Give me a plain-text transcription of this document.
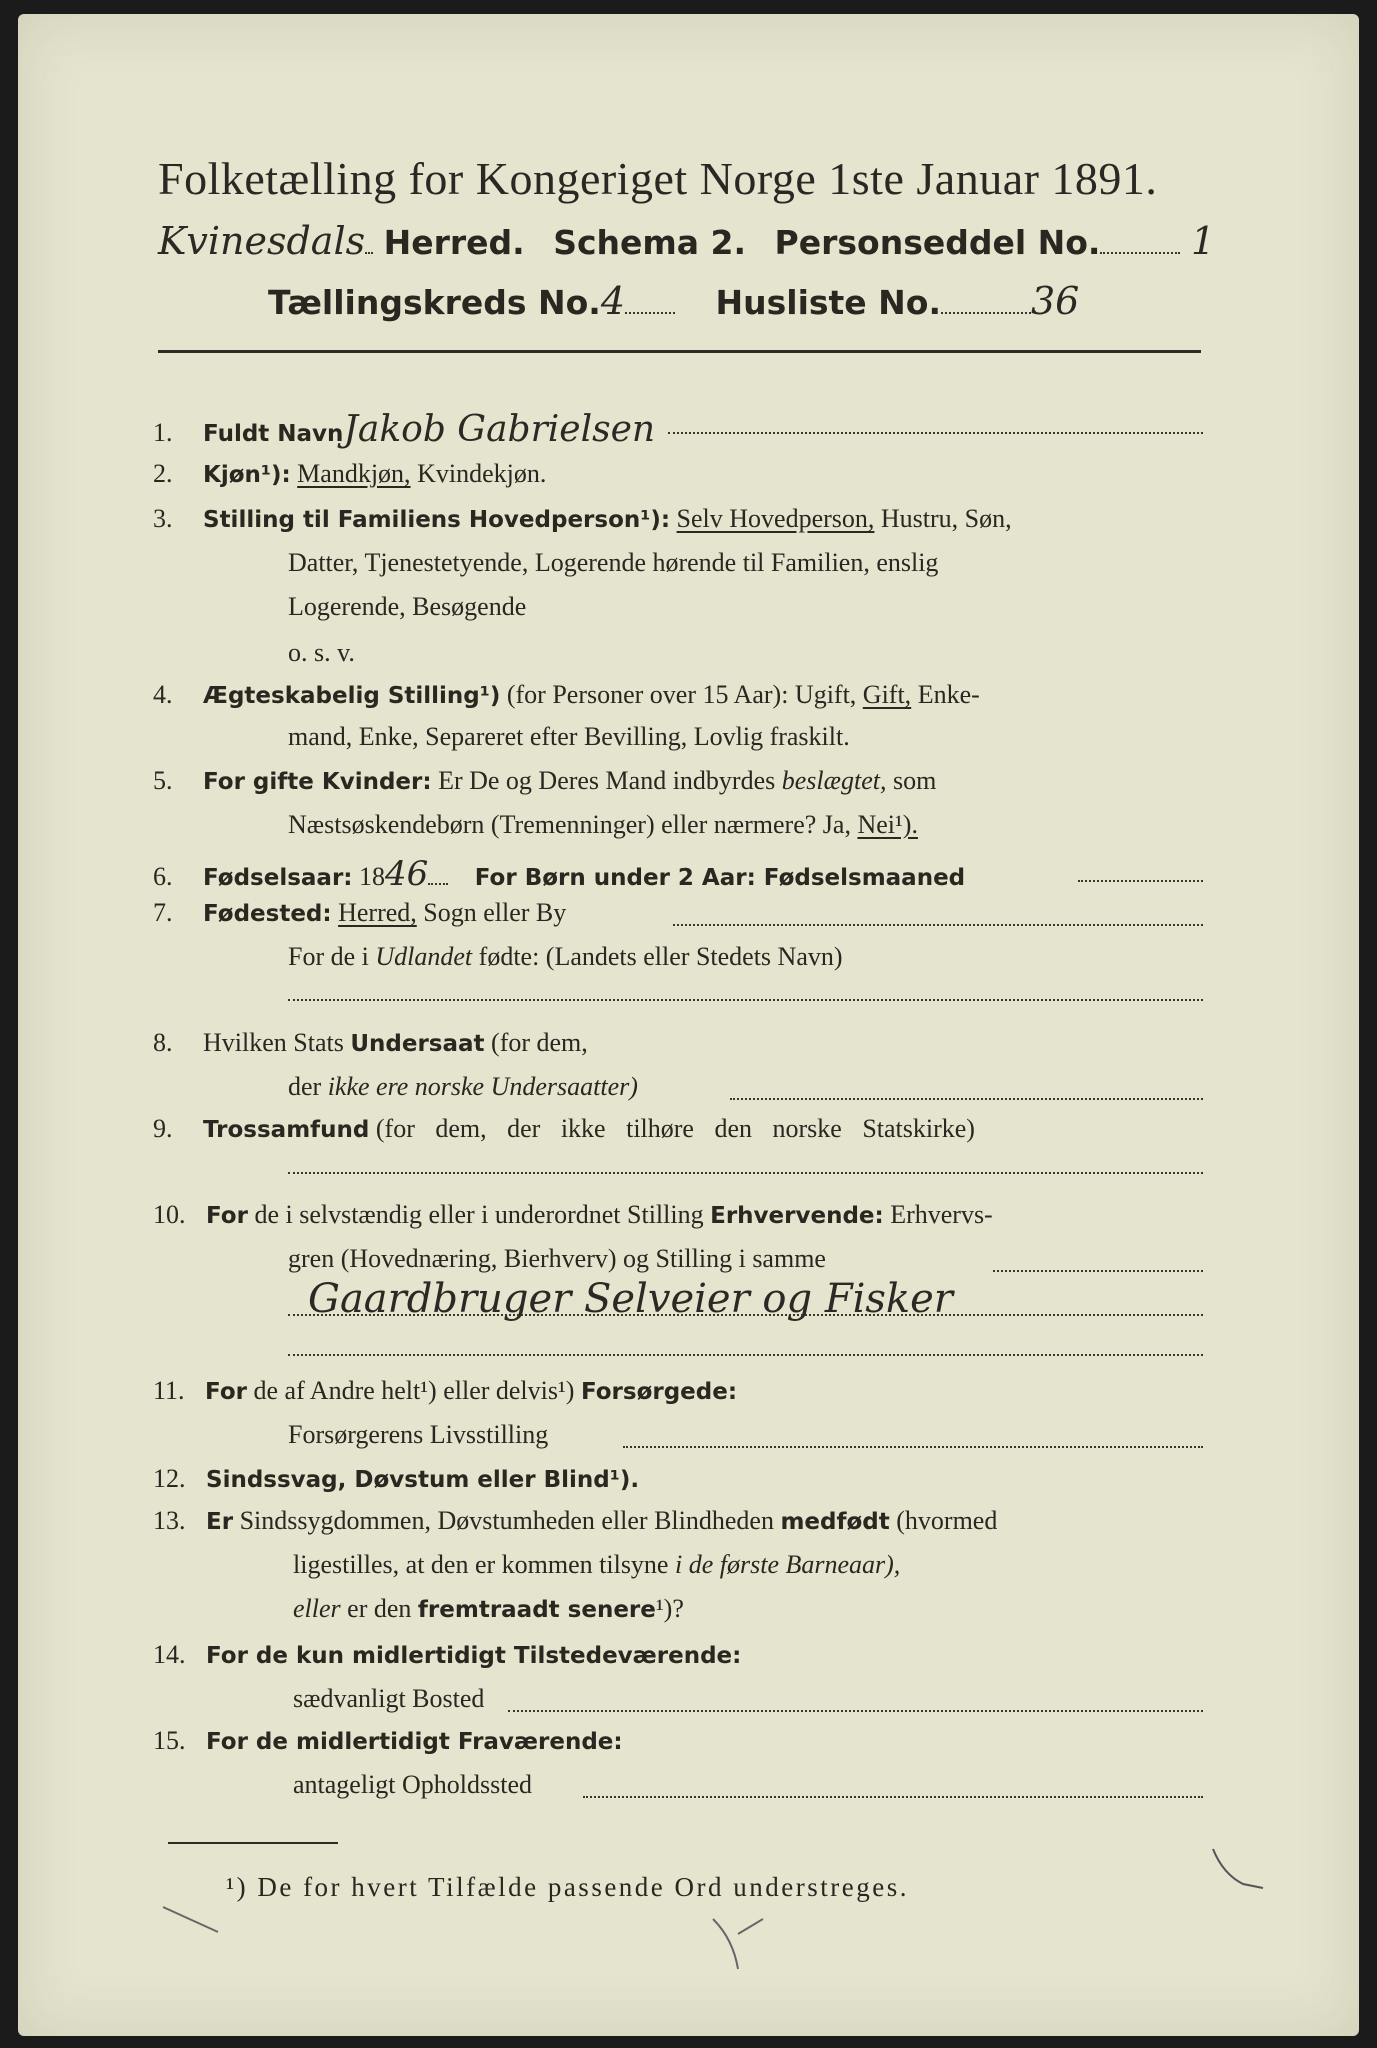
Folketælling for Kongeriget Norge 1ste Januar 1891.
Kvinesdals Herred. Schema 2. Personseddel No. 1
Tællingskreds No.4	Husliste No. 36
1. Fuldt NavnJakob Gabrielsen
2. Kjøn¹): Mandkjøn, Kvindekjøn.
3. Stilling til Familiens Hovedperson¹): Selv Hovedperson, Hustru, Søn,
Datter, Tjenestetyende, Logerende hørende til Familien, enslig
Logerende, Besøgende
o. s. v.
4. Ægteskabelig Stilling¹) (for Personer over 15 Aar): Ugift, Gift, Enke-
mand, Enke, Separeret efter Bevilling, Lovlig fraskilt.
5. For gifte Kvinder: Er De og Deres Mand indbyrdes beslægtet, som
Næstsøskendebørn (Tremenninger) eller nærmere? Ja, Nei¹).
6. Fødselsaar: 1846 For Børn under 2 Aar: Fødselsmaaned
7. Fødested: Herred, Sogn eller By
For de i Udlandet fødte: (Landets eller Stedets Navn)
8. Hvilken Stats Undersaat (for dem,
der ikke ere norske Undersaatter)
9. Trossamfund (for dem, der ikke tilhøre den norske Statskirke)
10. For de i selvstændig eller i underordnet Stilling Erhvervende: Erhvervs-
gren (Hovednæring, Bierhverv) og Stilling i samme
Gaardbruger Selveier og Fisker
11. For de af Andre helt¹) eller delvis¹) Forsørgede:
Forsørgerens Livsstilling
12. Sindssvag, Døvstum eller Blind¹).
13. Er Sindssygdommen, Døvstumheden eller Blindheden medfødt (hvormed
ligestilles, at den er kommen tilsyne i de første Barneaar),
eller er den fremtraadt senere¹)?
14. For de kun midlertidigt Tilstedeværende:
sædvanligt Bosted
15. For de midlertidigt Fraværende:
antageligt Opholdssted
¹) De for hvert Tilfælde passende Ord understreges.
